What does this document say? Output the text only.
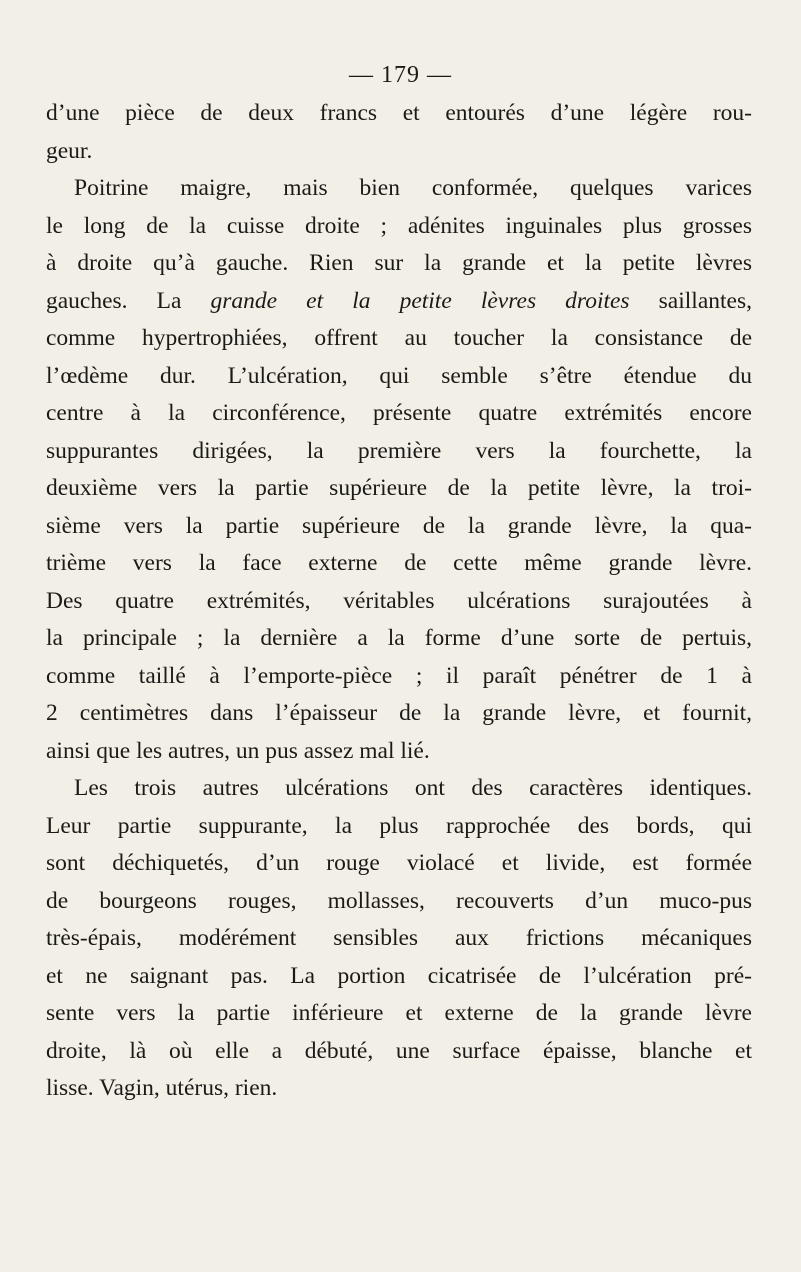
— 179 —
d’une pièce de deux francs et entourés d’une légère rou-
geur.
Poitrine maigre, mais bien conformée, quelques varices
le long de la cuisse droite ; adénites inguinales plus grosses
à droite qu’à gauche. Rien sur la grande et la petite lèvres
gauches. La grande et la petite lèvres droites saillantes,
comme hypertrophiées, offrent au toucher la consistance de
l’œdème dur. L’ulcération, qui semble s’être étendue du
centre à la circonférence, présente quatre extrémités encore
suppurantes dirigées, la première vers la fourchette, la
deuxième vers la partie supérieure de la petite lèvre, la troi-
sième vers la partie supérieure de la grande lèvre, la qua-
trième vers la face externe de cette même grande lèvre.
Des quatre extrémités, véritables ulcérations surajoutées à
la principale ; la dernière a la forme d’une sorte de pertuis,
comme taillé à l’emporte-pièce ; il paraît pénétrer de 1 à
2 centimètres dans l’épaisseur de la grande lèvre, et fournit,
ainsi que les autres, un pus assez mal lié.
Les trois autres ulcérations ont des caractères identiques.
Leur partie suppurante, la plus rapprochée des bords, qui
sont déchiquetés, d’un rouge violacé et livide, est formée
de bourgeons rouges, mollasses, recouverts d’un muco-pus
très-épais, modérément sensibles aux frictions mécaniques
et ne saignant pas. La portion cicatrisée de l’ulcération pré-
sente vers la partie inférieure et externe de la grande lèvre
droite, là où elle a débuté, une surface épaisse, blanche et
lisse. Vagin, utérus, rien.
